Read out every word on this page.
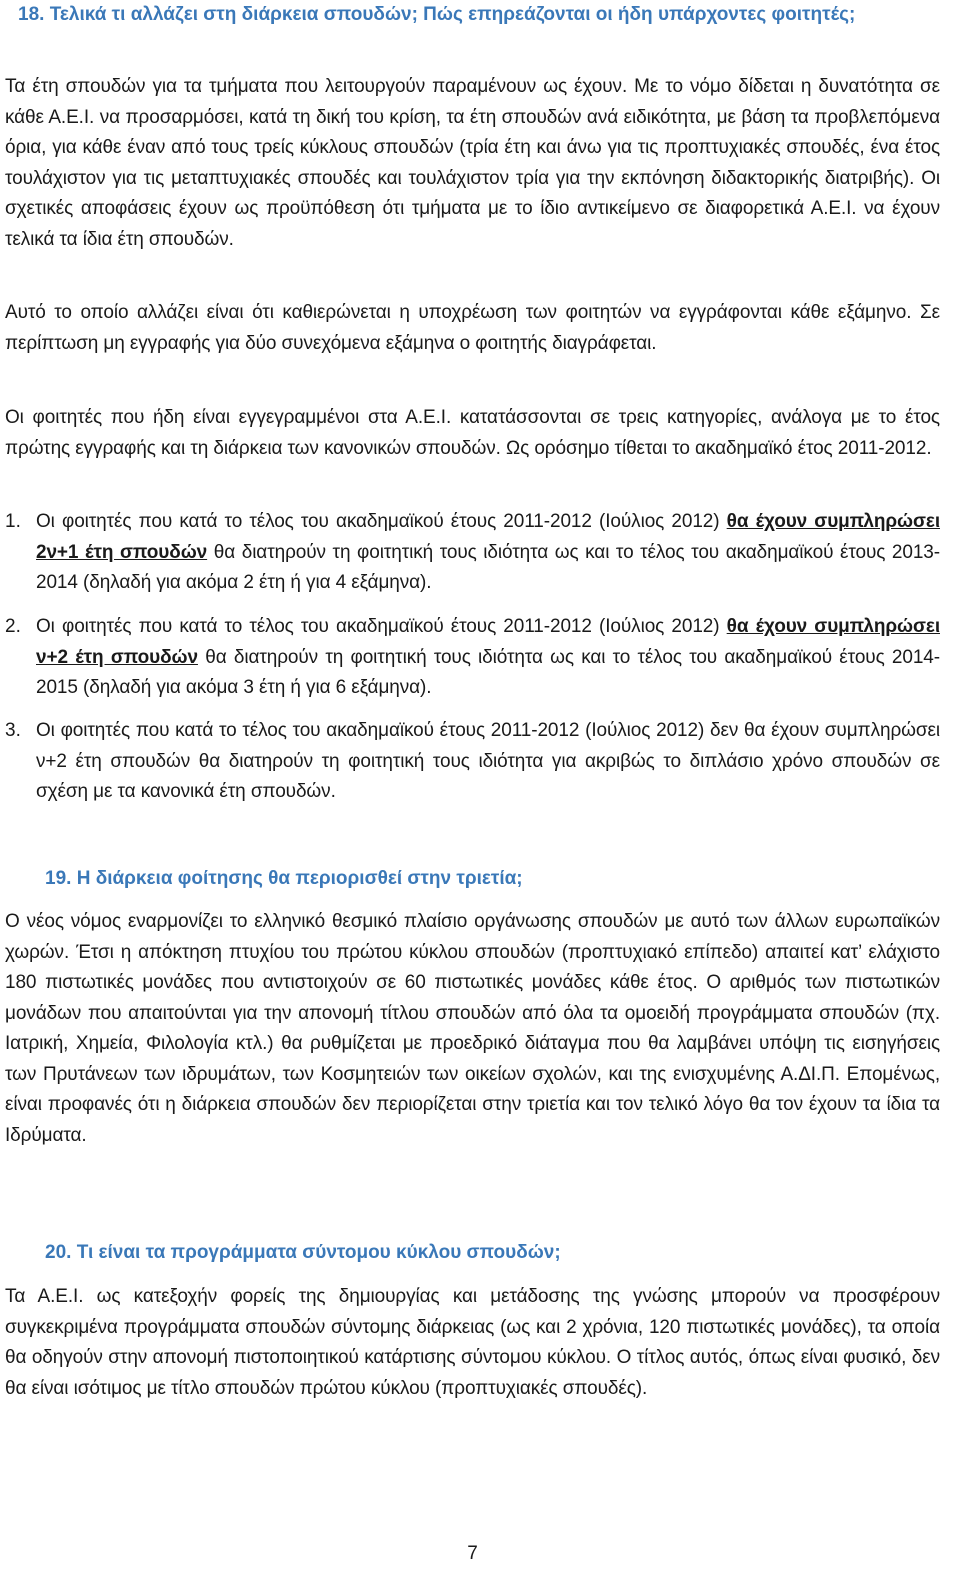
18. Τελικά τι αλλάζει στη διάρκεια σπουδών; Πώς επηρεάζονται οι ήδη υπάρχοντες φοιτητές;

Τα έτη σπουδών για τα τμήματα που λειτουργούν παραμένουν ως έχουν. Με το νόμο δίδεται η δυνατότητα σε κάθε Α.Ε.Ι. να προσαρμόσει, κατά τη δική του κρίση, τα έτη σπουδών ανά ειδικότητα, με βάση τα προβλεπόμενα όρια, για κάθε έναν από τους τρείς κύκλους σπουδών (τρία έτη και άνω για τις προπτυχιακές σπουδές, ένα έτος τουλάχιστον για τις μεταπτυχιακές σπουδές και τουλάχιστον τρία για την εκπόνηση διδακτορικής διατριβής). Οι σχετικές αποφάσεις έχουν ως προϋπόθεση ότι τμήματα με το ίδιο αντικείμενο σε διαφορετικά Α.Ε.Ι. να έχουν τελικά τα ίδια έτη σπουδών.

Αυτό το οποίο αλλάζει είναι ότι καθιερώνεται η υποχρέωση των φοιτητών να εγγράφονται κάθε εξάμηνο. Σε περίπτωση μη εγγραφής για δύο συνεχόμενα εξάμηνα ο φοιτητής διαγράφεται.

Οι φοιτητές που ήδη είναι εγγεγραμμένοι στα Α.Ε.Ι. κατατάσσονται σε τρεις κατηγορίες, ανάλογα με το έτος πρώτης εγγραφής και τη διάρκεια των κανονικών σπουδών. Ως ορόσημο τίθεται το ακαδημαϊκό έτος 2011-2012.

1. Οι φοιτητές που κατά το τέλος του ακαδημαϊκού έτους 2011-2012 (Ιούλιος 2012) θα έχουν συμπληρώσει 2ν+1 έτη σπουδών θα διατηρούν τη φοιτητική τους ιδιότητα ως και το τέλος του ακαδημαϊκού έτους 2013-2014 (δηλαδή για ακόμα 2 έτη ή για 4 εξάμηνα).

2. Οι φοιτητές που κατά το τέλος του ακαδημαϊκού έτους 2011-2012 (Ιούλιος 2012) θα έχουν συμπληρώσει ν+2 έτη σπουδών θα διατηρούν τη φοιτητική τους ιδιότητα ως και το τέλος του ακαδημαϊκού έτους 2014-2015 (δηλαδή για ακόμα 3 έτη ή για 6 εξάμηνα).

3. Οι φοιτητές που κατά το τέλος του ακαδημαϊκού έτους 2011-2012 (Ιούλιος 2012) δεν θα έχουν συμπληρώσει ν+2 έτη σπουδών θα διατηρούν τη φοιτητική τους ιδιότητα για ακριβώς το διπλάσιο χρόνο σπουδών σε σχέση με τα κανονικά έτη σπουδών.

19. Η διάρκεια φοίτησης θα περιορισθεί στην τριετία;

Ο νέος νόμος εναρμονίζει το ελληνικό θεσμικό πλαίσιο οργάνωσης σπουδών με αυτό των άλλων ευρωπαϊκών χωρών. Έτσι η απόκτηση πτυχίου του πρώτου κύκλου σπουδών (προπτυχιακό επίπεδο) απαιτεί κατ’ ελάχιστο 180 πιστωτικές μονάδες που αντιστοιχούν σε 60 πιστωτικές μονάδες κάθε έτος. Ο αριθμός των πιστωτικών μονάδων που απαιτούνται για την απονομή τίτλου σπουδών από όλα τα ομοειδή προγράμματα σπουδών (πχ. Ιατρική, Χημεία, Φιλολογία κτλ.) θα ρυθμίζεται με προεδρικό διάταγμα που θα λαμβάνει υπόψη τις εισηγήσεις των Πρυτάνεων των ιδρυμάτων, των Κοσμητειών των οικείων σχολών, και της ενισχυμένης Α.ΔΙ.Π. Επομένως, είναι προφανές ότι η διάρκεια σπουδών δεν περιορίζεται στην τριετία και τον τελικό λόγο θα τον έχουν τα ίδια τα Ιδρύματα.

20. Τι είναι τα προγράμματα σύντομου κύκλου σπουδών;

Τα Α.Ε.Ι. ως κατεξοχήν φορείς της δημιουργίας και μετάδοσης της γνώσης μπορούν να προσφέρουν συγκεκριμένα προγράμματα σπουδών σύντομης διάρκειας (ως και 2 χρόνια, 120 πιστωτικές μονάδες), τα οποία θα οδηγούν στην απονομή πιστοποιητικού κατάρτισης σύντομου κύκλου. Ο τίτλος αυτός, όπως είναι φυσικό, δεν θα είναι ισότιμος με τίτλο σπουδών πρώτου κύκλου (προπτυχιακές σπουδές).

7
